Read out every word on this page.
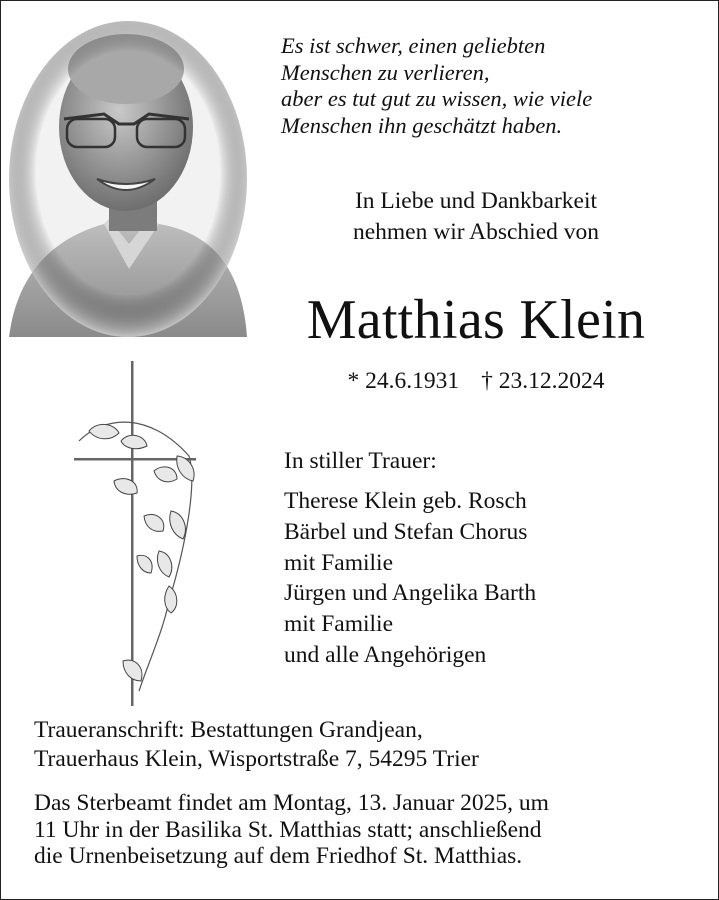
Es ist schwer, einen geliebten
Menschen zu verlieren,
aber es tut gut zu wissen, wie viele
Menschen ihn geschätzt haben.
In Liebe und Dankbarkeit
nehmen wir Abschied von
Matthias Klein
* 24.6.1931 † 23.12.2024
In stiller Trauer:
Therese Klein geb. Rosch
Bärbel und Stefan Chorus
mit Familie
Jürgen und Angelika Barth
mit Familie
und alle Angehörigen
Traueranschrift: Bestattungen Grandjean,
Trauerhaus Klein, Wisportstraße 7, 54295 Trier
Das Sterbeamt findet am Montag, 13. Januar 2025, um
11 Uhr in der Basilika St. Matthias statt; anschließend
die Urnenbeisetzung auf dem Friedhof St. Matthias.
